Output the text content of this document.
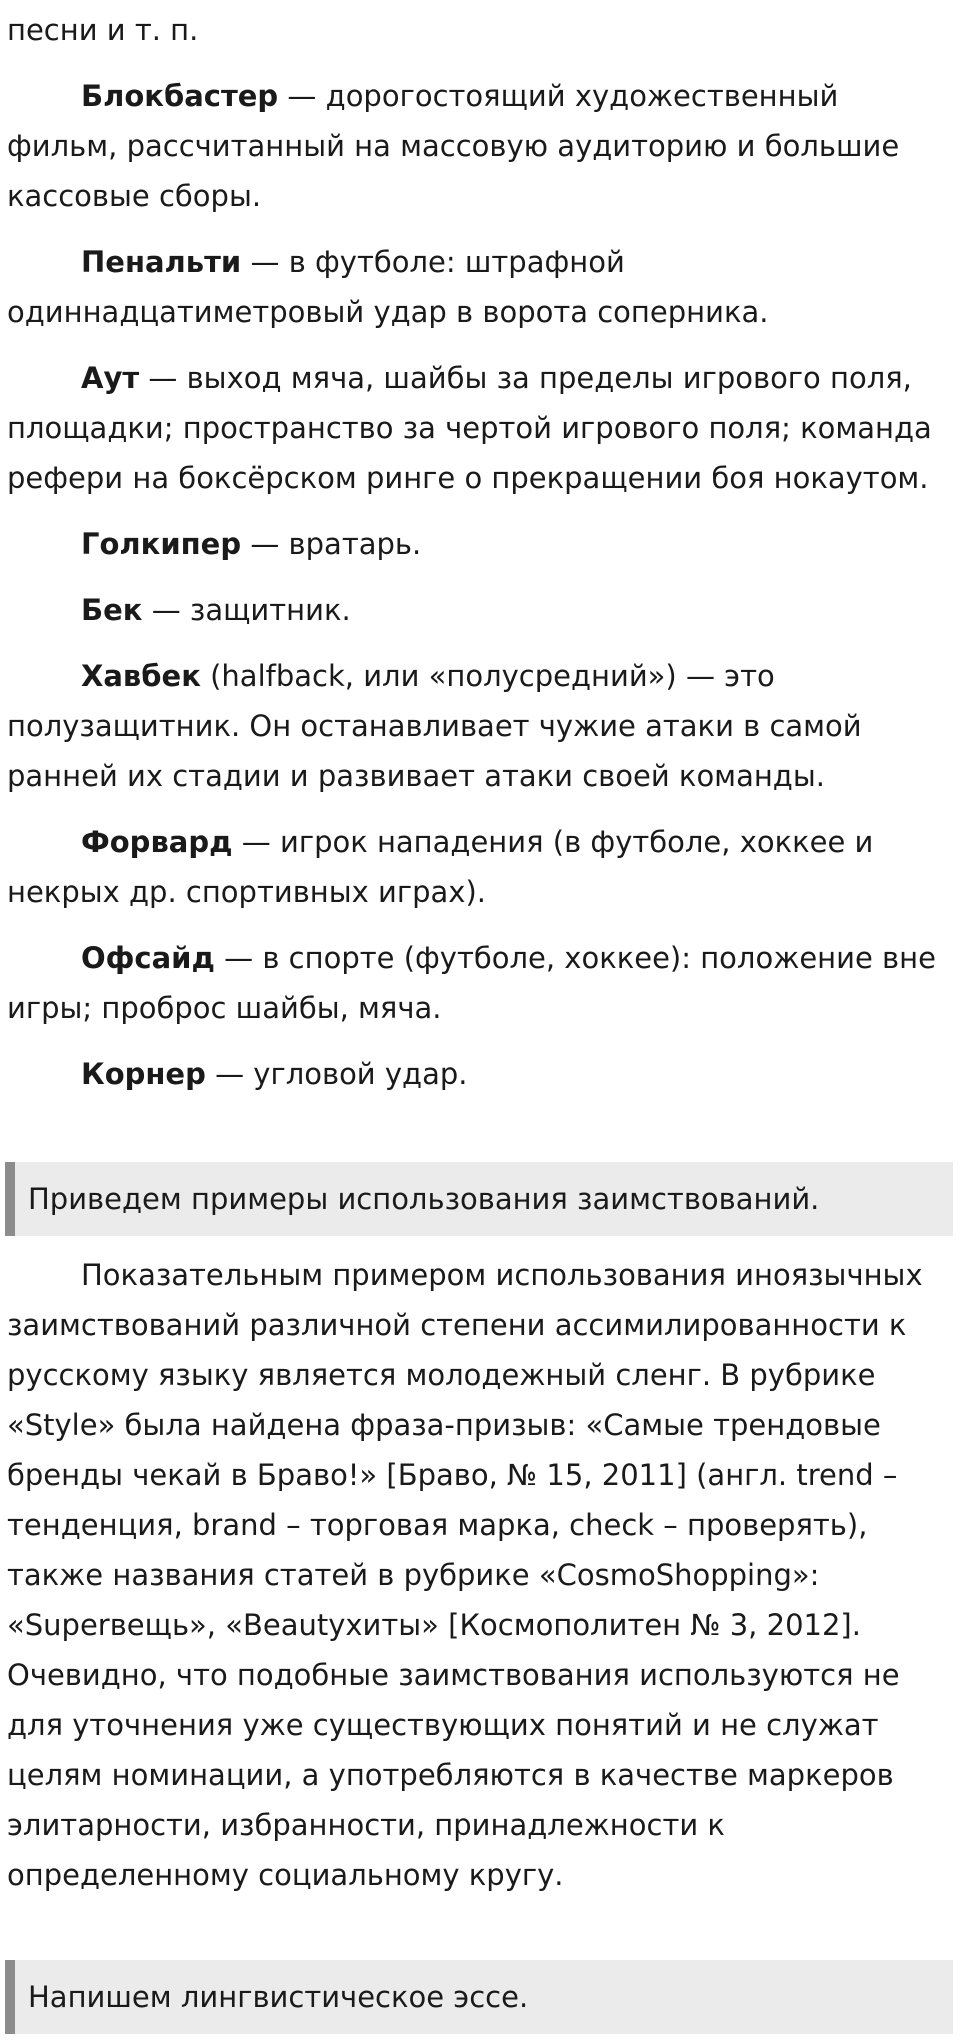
песни и т. п.

Блокбастер — дорогостоящий художественный фильм, рассчитанный на массовую аудиторию и большие кассовые сборы.

Пенальти — в футболе: штрафной одиннадцатиметровый удар в ворота соперника.

Аут — выход мяча, шайбы за пределы игрового поля, площадки; пространство за чертой игрового поля; команда рефери на боксёрском ринге о прекращении боя нокаутом.

Голкипер — вратарь.

Бек — защитник.

Хавбек (halfback, или «полусредний») — это полузащитник. Он останавливает чужие атаки в самой ранней их стадии и развивает атаки своей команды.

Форвард — игрок нападения (в футболе, хоккее и некрых др. спортивных играх).

Офсайд — в спорте (футболе, хоккее): положение вне игры; проброс шайбы, мяча.

Корнер — угловой удар.

Приведем примеры использования заимствований.

Показательным примером использования иноязычных заимствований различной степени ассимилированности к русскому языку является молодежный сленг. В рубрике «Style» была найдена фраза-призыв: «Самые трендовые бренды чекай в Браво!» [Браво, № 15, 2011] (англ. trend – тенденция, brand – торговая марка, check – проверять), также названия статей в рубрике «CosmoShopping»: «Superвещь», «Beautyхиты» [Космополитен № 3, 2012]. Очевидно, что подобные заимствования используются не для уточнения уже существующих понятий и не служат целям номинации, а употребляются в качестве маркеров элитарности, избранности, принадлежности к определенному социальному кругу.

Напишем лингвистическое эссе.
